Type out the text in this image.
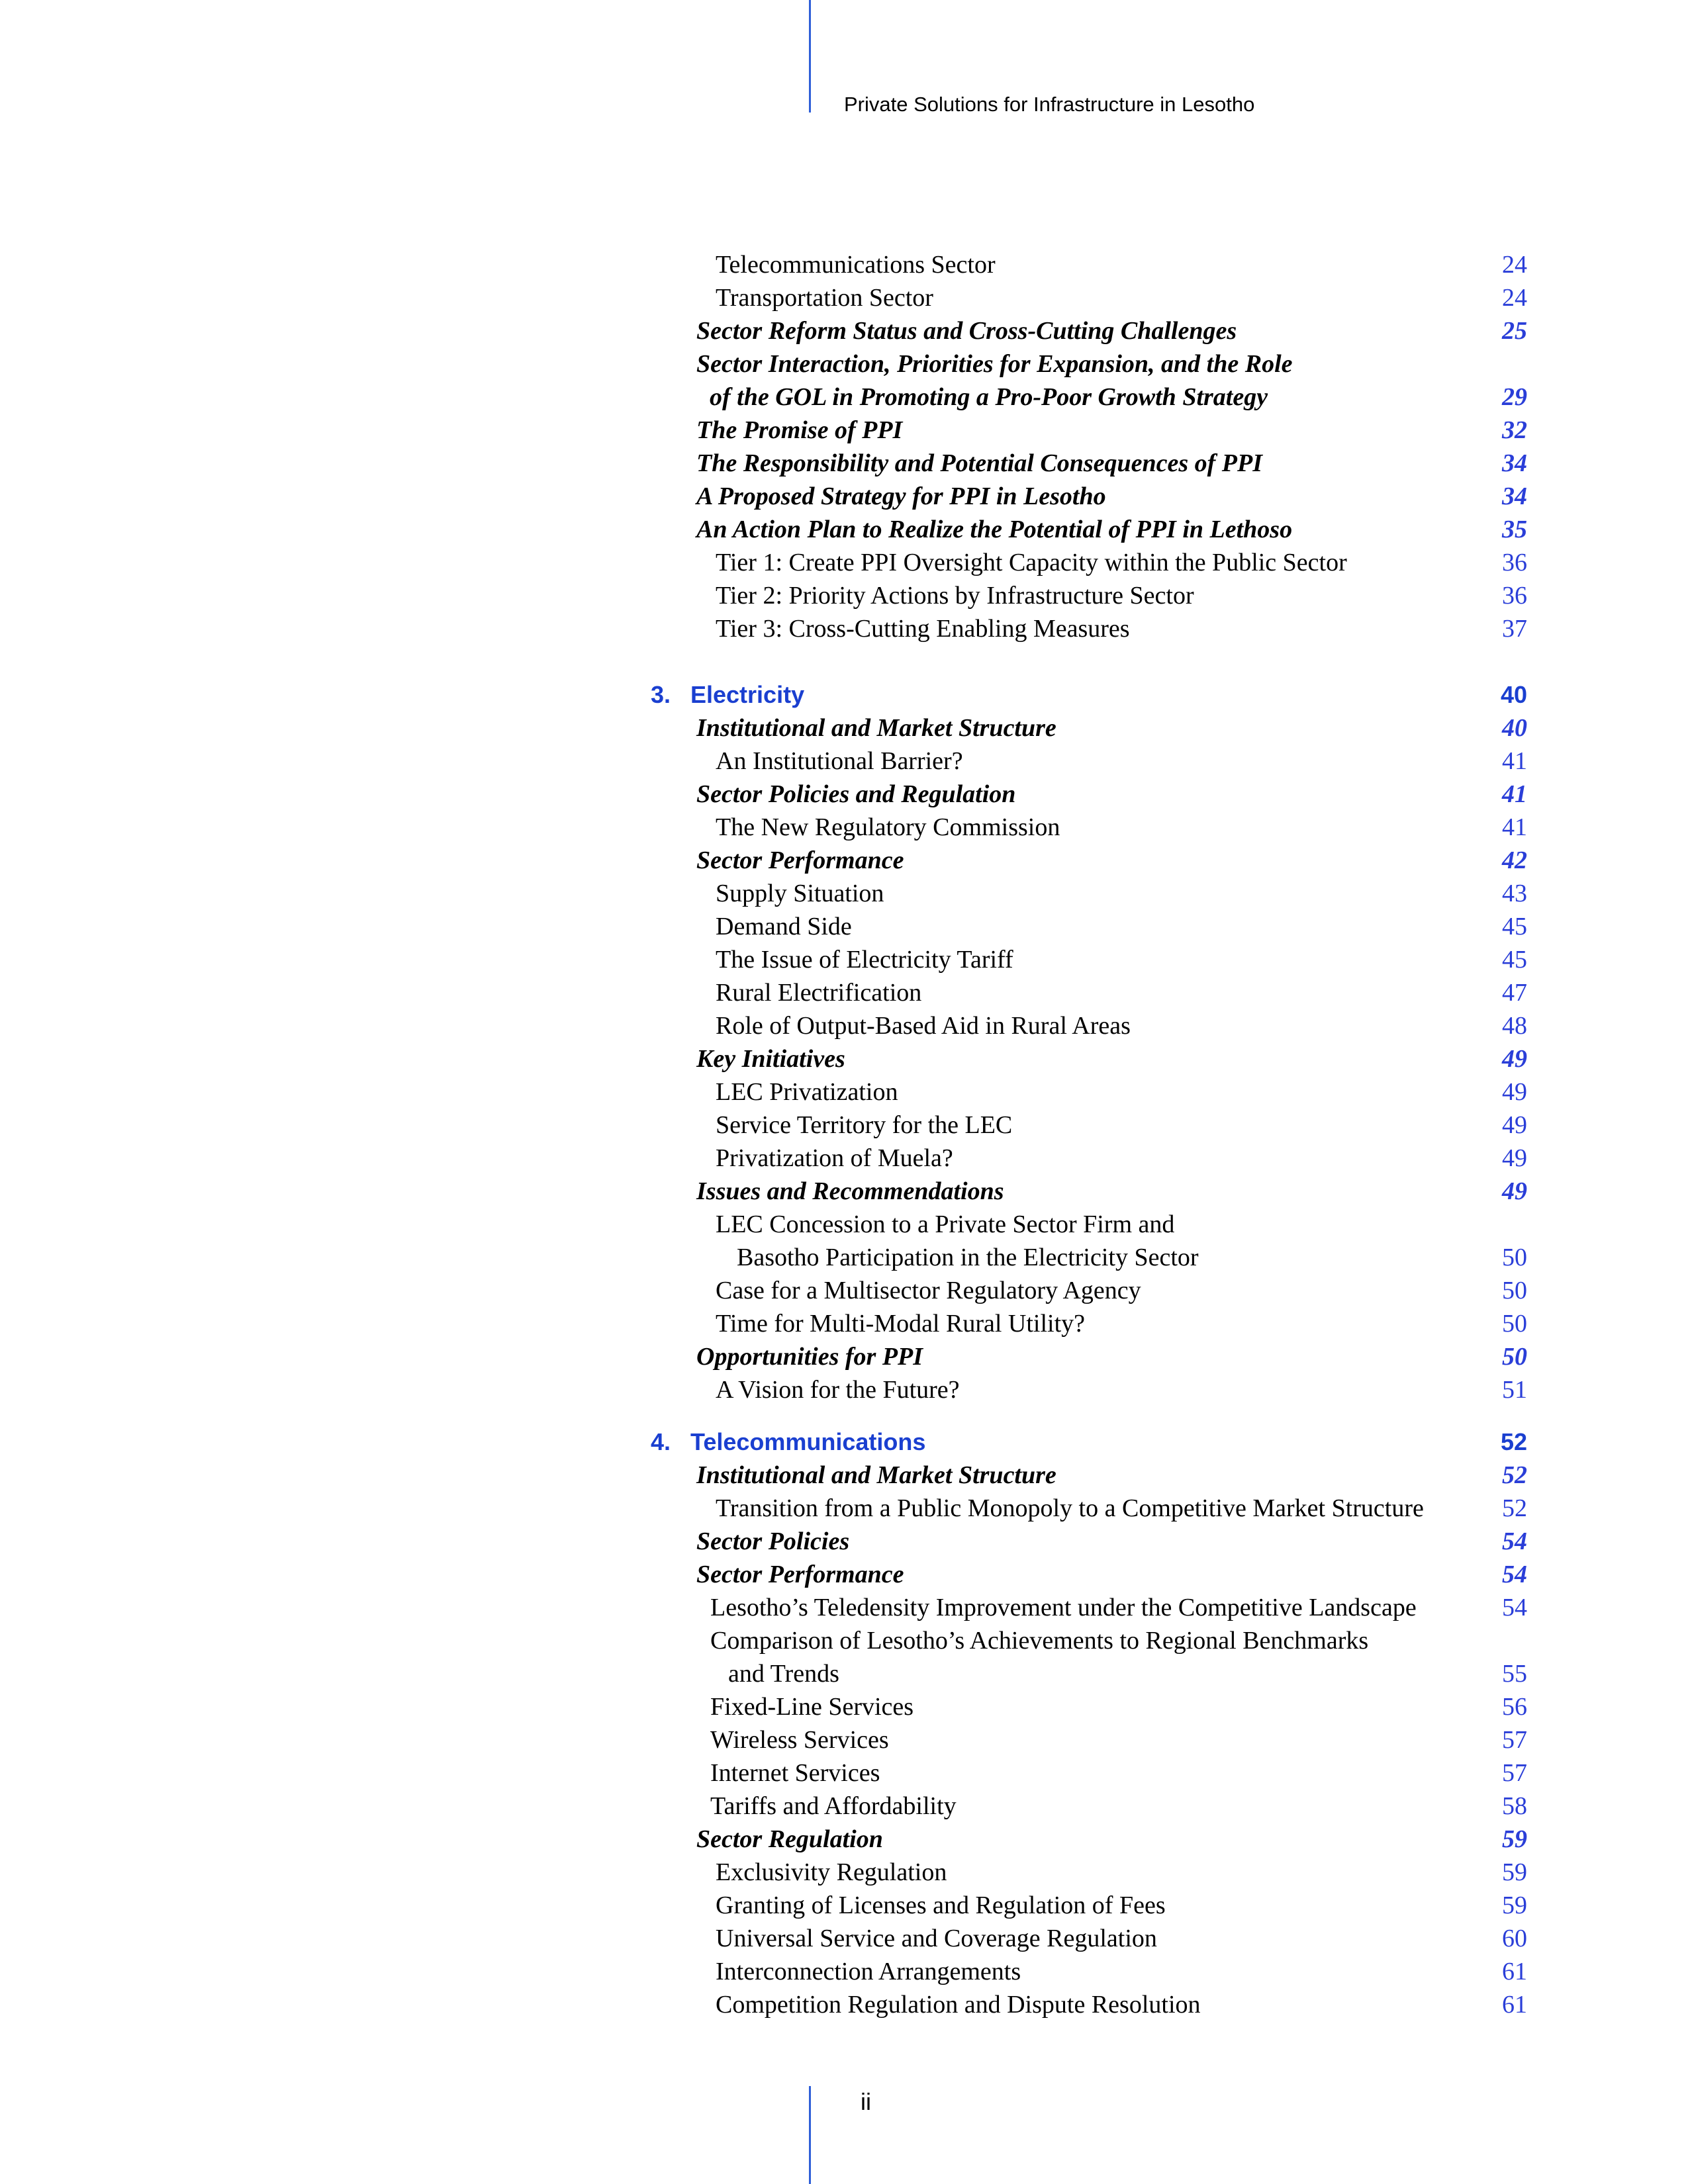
Private Solutions for Infrastructure in Lesotho
Telecommunications Sector	24
Transportation Sector	24
Sector Reform Status and Cross-Cutting Challenges	25
Sector Interaction, Priorities for Expansion, and the Role
of the GOL in Promoting a Pro-Poor Growth Strategy	29
The Promise of PPI	32
The Responsibility and Potential Consequences of PPI	34
A Proposed Strategy for PPI in Lesotho	34
An Action Plan to Realize the Potential of PPI in Lethoso	35
Tier 1: Create PPI Oversight Capacity within the Public Sector	36
Tier 2: Priority Actions by Infrastructure Sector	36
Tier 3: Cross-Cutting Enabling Measures	37
3. Electricity	40
Institutional and Market Structure	40
An Institutional Barrier?	41
Sector Policies and Regulation	41
The New Regulatory Commission	41
Sector Performance	42
Supply Situation	43
Demand Side	45
The Issue of Electricity Tariff	45
Rural Electrification	47
Role of Output-Based Aid in Rural Areas	48
Key Initiatives	49
LEC Privatization	49
Service Territory for the LEC	49
Privatization of Muela?	49
Issues and Recommendations	49
LEC Concession to a Private Sector Firm and
Basotho Participation in the Electricity Sector	50
Case for a Multisector Regulatory Agency	50
Time for Multi-Modal Rural Utility?	50
Opportunities for PPI	50
A Vision for the Future?	51
4. Telecommunications	52
Institutional and Market Structure	52
Transition from a Public Monopoly to a Competitive Market Structure	52
Sector Policies	54
Sector Performance	54
Lesotho’s Teledensity Improvement under the Competitive Landscape	54
Comparison of Lesotho’s Achievements to Regional Benchmarks
and Trends	55
Fixed-Line Services	56
Wireless Services	57
Internet Services	57
Tariffs and Affordability	58
Sector Regulation	59
Exclusivity Regulation	59
Granting of Licenses and Regulation of Fees	59
Universal Service and Coverage Regulation	60
Interconnection Arrangements	61
Competition Regulation and Dispute Resolution	61
ii
